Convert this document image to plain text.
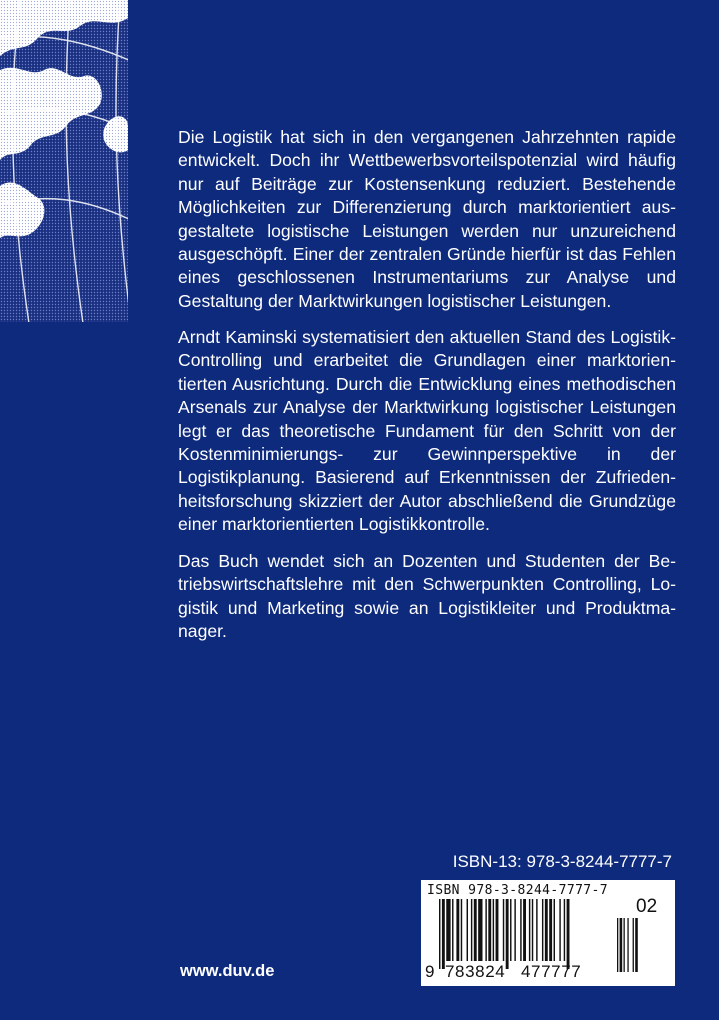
Die Logistik hat sich in den vergangenen Jahrzehnten rapide entwickelt. Doch ihr Wettbewerbsvorteilspotenzial wird häufig nur auf Beiträge zur Kostensenkung reduziert. Bestehende Möglichkeiten zur Differenzierung durch marktorientiert ausgestaltete logistische Leistungen werden nur unzureichend ausgeschöpft. Einer der zentralen Gründe hierfür ist das Fehlen eines geschlossenen Instrumentariums zur Analyse und Gestaltung der Marktwirkungen logistischer Leistungen.

Arndt Kaminski systematisiert den aktuellen Stand des Logistik-Controlling und erarbeitet die Grundlagen einer marktorientierten Ausrichtung. Durch die Entwicklung eines methodischen Arsenals zur Analyse der Marktwirkung logistischer Leistungen legt er das theoretische Fundament für den Schritt von der Kostenminimierungs- zur Gewinnperspektive in der Logistikplanung. Basierend auf Erkenntnissen der Zufriedenheitsforschung skizziert der Autor abschließend die Grundzüge einer marktorientierten Logistikkontrolle.

Das Buch wendet sich an Dozenten und Studenten der Betriebswirtschaftslehre mit den Schwerpunkten Controlling, Logistik und Marketing sowie an Logistikleiter und Produktmanager.

ISBN-13: 978-3-8244-7777-7
ISBN 978-3-8244-7777-7
02
9 783824 477777
www.duv.de
